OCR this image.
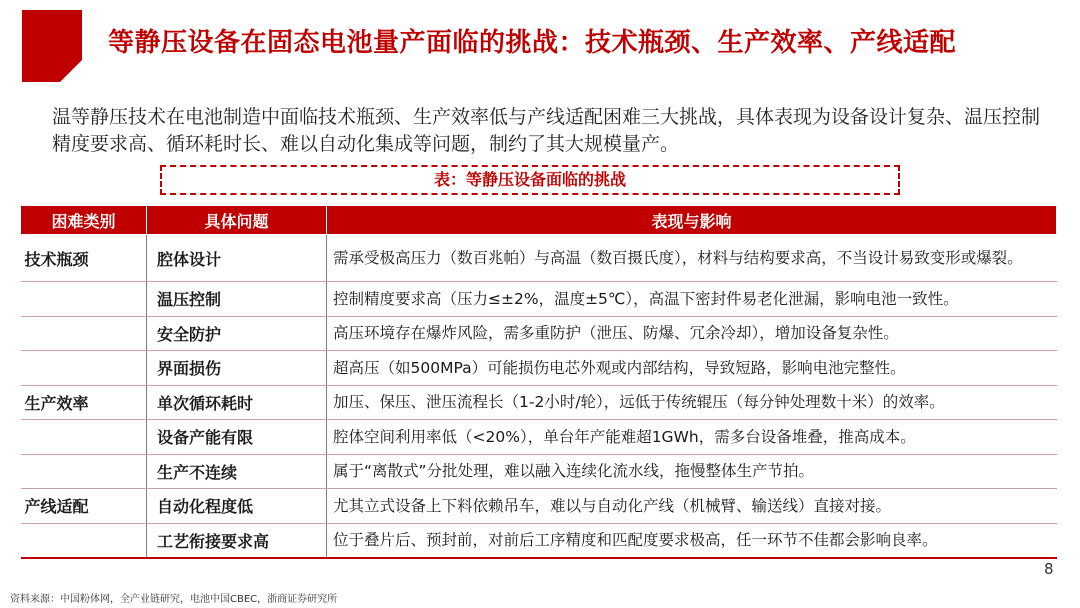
等静压设备在固态电池量产面临的挑战：技术瓶颈、生产效率、产线适配
温等静压技术在电池制造中面临技术瓶颈、生产效率低与产线适配困难三大挑战，具体表现为设备设计复杂、温压控制精度要求高、循环耗时长、难以自动化集成等问题，制约了其大规模量产。
表：等静压设备面临的挑战
困难类别	具体问题	表现与影响
技术瓶颈	腔体设计	需承受极高压力（数百兆帕）与高温（数百摄氏度），材料与结构要求高，不当设计易致变形或爆裂。
	温压控制	控制精度要求高（压力≤±2%，温度±5℃），高温下密封件易老化泄漏，影响电池一致性。
	安全防护	高压环境存在爆炸风险，需多重防护（泄压、防爆、冗余冷却），增加设备复杂性。
	界面损伤	超高压（如500MPa）可能损伤电芯外观或内部结构，导致短路，影响电池完整性。
生产效率	单次循环耗时	加压、保压、泄压流程长（1-2小时/轮），远低于传统辊压（每分钟处理数十米）的效率。
	设备产能有限	腔体空间利用率低（<20%），单台年产能难超1GWh，需多台设备堆叠，推高成本。
	生产不连续	属于“离散式”分批处理，难以融入连续化流水线，拖慢整体生产节拍。
产线适配	自动化程度低	尤其立式设备上下料依赖吊车，难以与自动化产线（机械臂、输送线）直接对接。
	工艺衔接要求高	位于叠片后、预封前，对前后工序精度和匹配度要求极高，任一环节不佳都会影响良率。
8
资料来源：中国粉体网，全产业链研究，电池中国CBEC，浙商证券研究所
